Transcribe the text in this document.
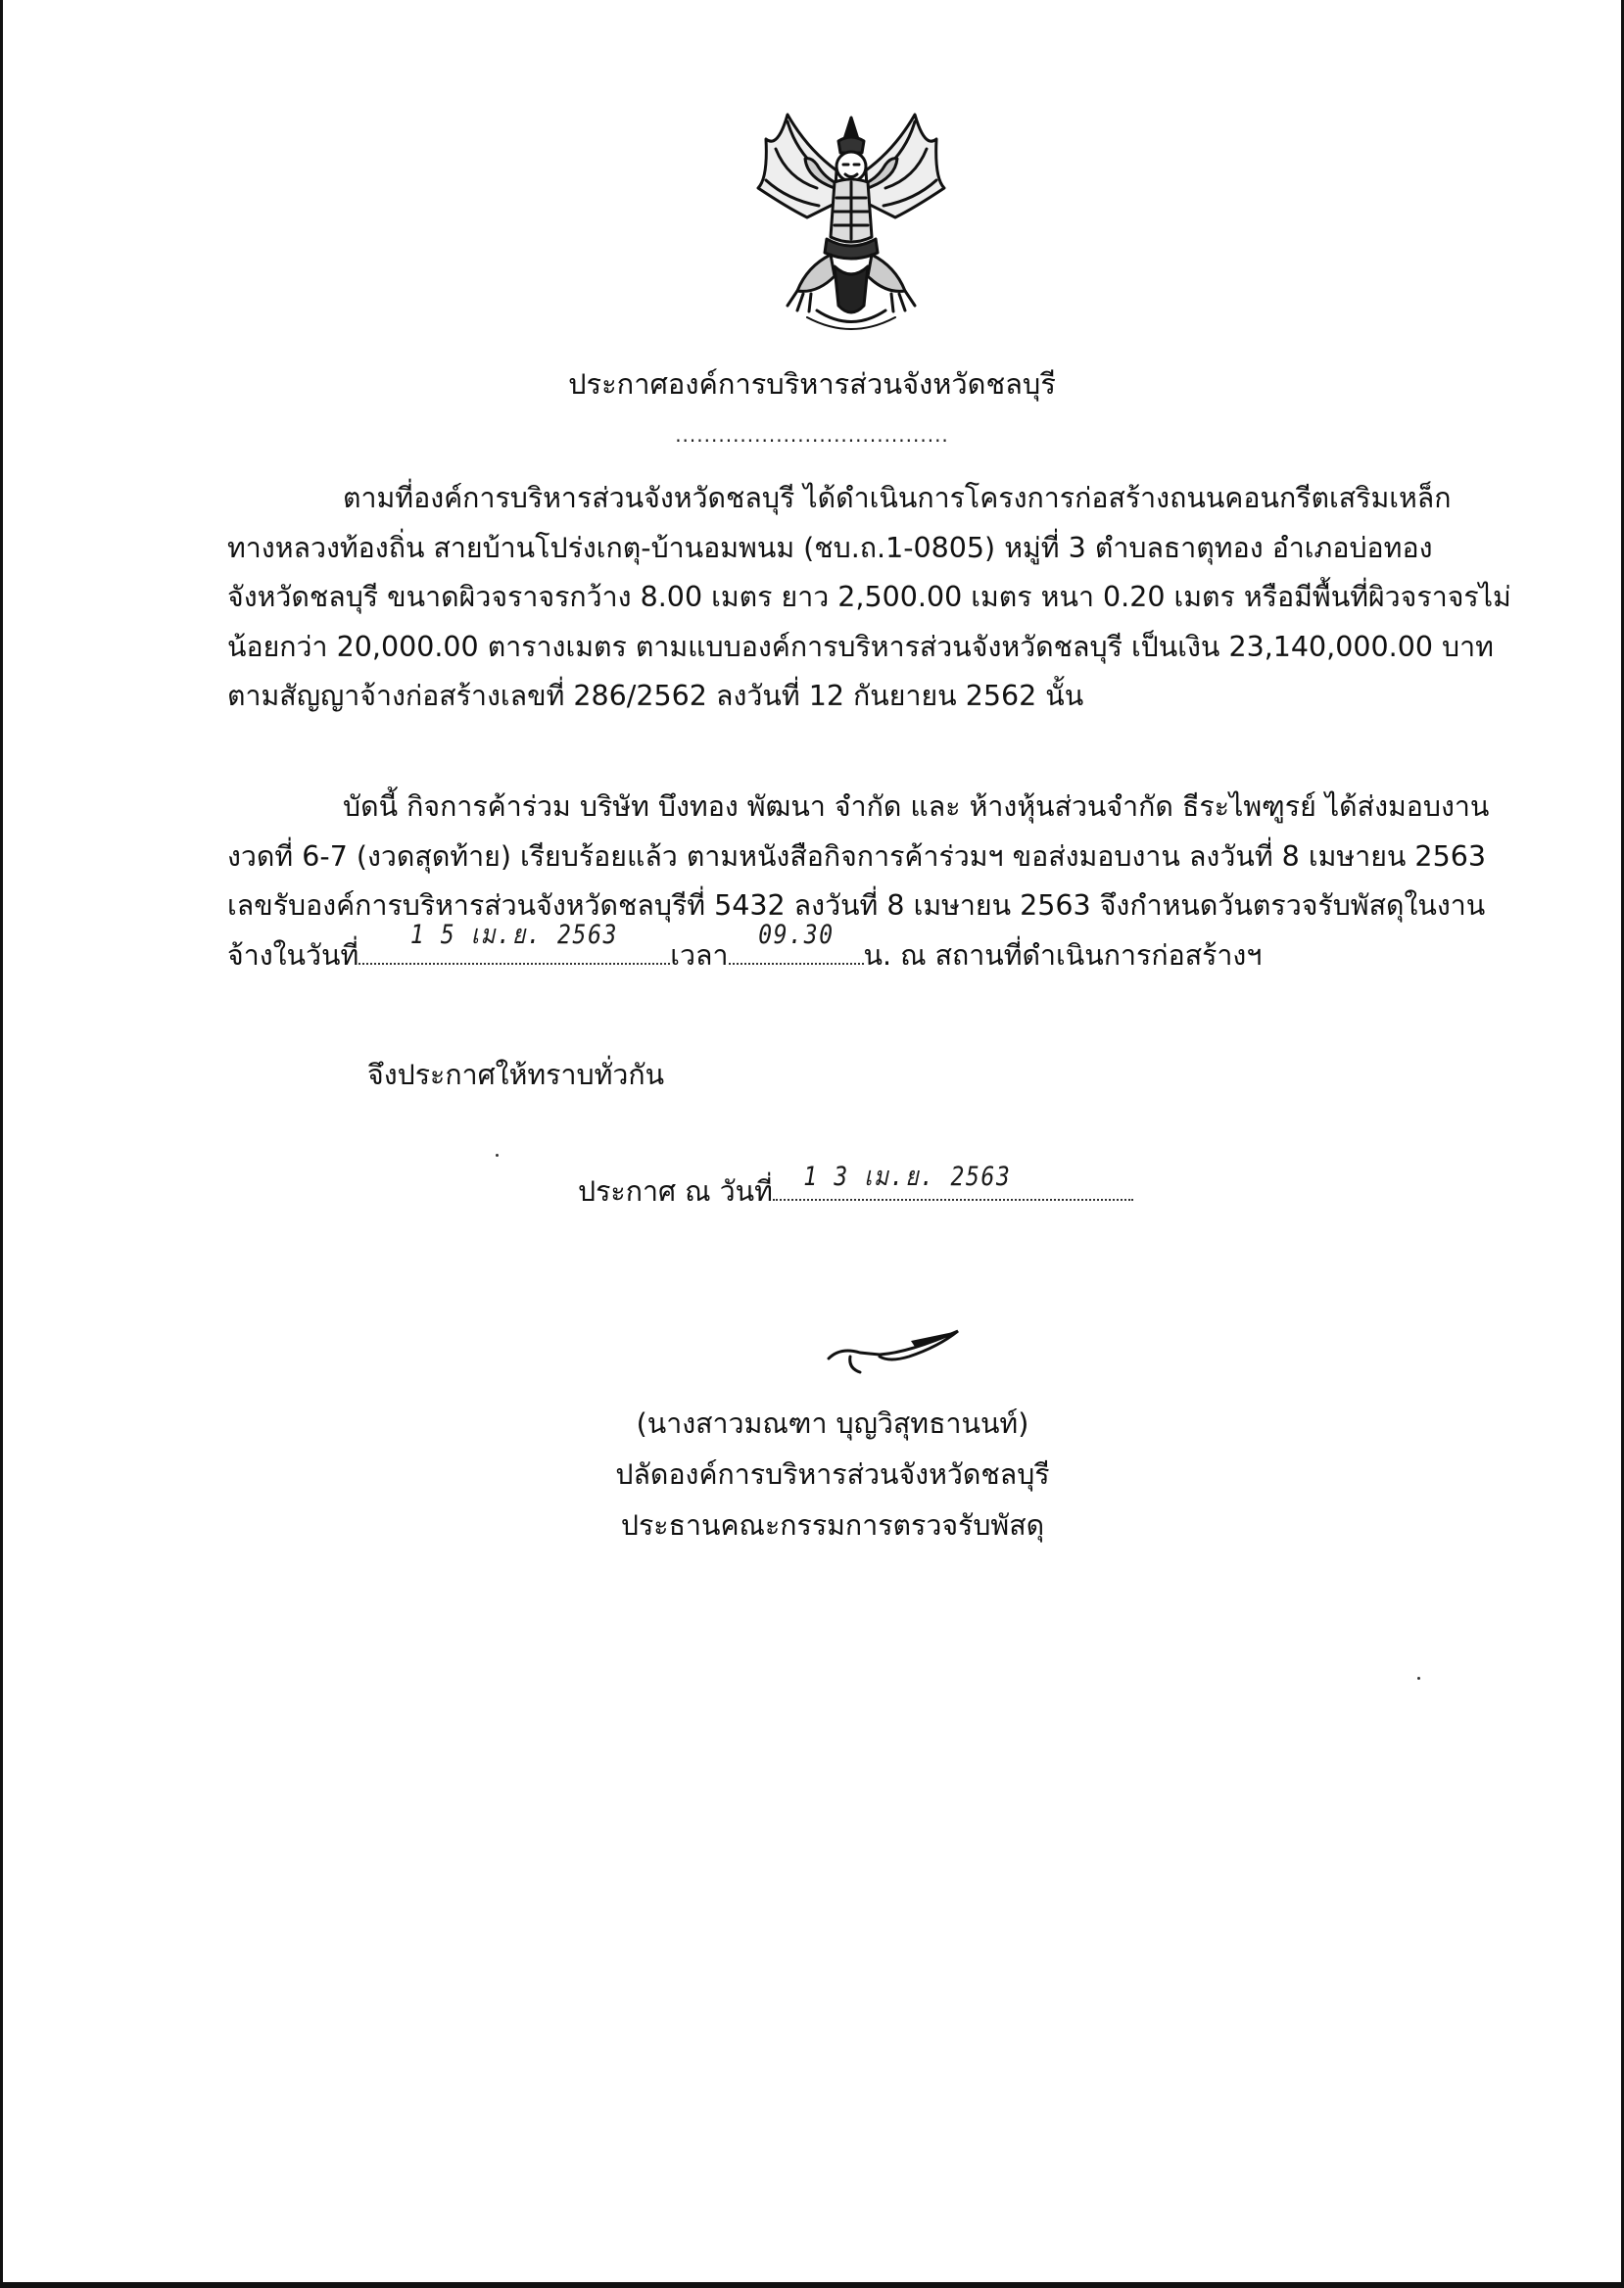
ประกาศองค์การบริหารส่วนจังหวัดชลบุรี
......................................
ตามที่องค์การบริหารส่วนจังหวัดชลบุรี ได้ดำเนินการโครงการก่อสร้างถนนคอนกรีตเสริมเหล็ก
ทางหลวงท้องถิ่น สายบ้านโปร่งเกตุ-บ้านอมพนม (ชบ.ถ.1-0805) หมู่ที่ 3 ตำบลธาตุทอง อำเภอบ่อทอง
จังหวัดชลบุรี ขนาดผิวจราจรกว้าง 8.00 เมตร ยาว 2,500.00 เมตร หนา 0.20 เมตร หรือมีพื้นที่ผิวจราจรไม่
น้อยกว่า 20,000.00 ตารางเมตร ตามแบบองค์การบริหารส่วนจังหวัดชลบุรี เป็นเงิน 23,140,000.00 บาท
ตามสัญญาจ้างก่อสร้างเลขที่ 286/2562 ลงวันที่ 12 กันยายน 2562 นั้น
บัดนี้ กิจการค้าร่วม บริษัท บึงทอง พัฒนา จำกัด และ ห้างหุ้นส่วนจำกัด ธีระไพฑูรย์ ได้ส่งมอบงาน
งวดที่ 6-7 (งวดสุดท้าย) เรียบร้อยแล้ว ตามหนังสือกิจการค้าร่วมฯ ขอส่งมอบงาน ลงวันที่ 8 เมษายน 2563
เลขรับองค์การบริหารส่วนจังหวัดชลบุรีที่ 5432 ลงวันที่ 8 เมษายน 2563 จึงกำหนดวันตรวจรับพัสดุในงาน
จ้างในวันที่
1 5 เม.ย. 2563
เวลา
09.30
น. ณ สถานที่ดำเนินการก่อสร้างฯ
จึงประกาศให้ทราบทั่วกัน
ประกาศ ณ วันที่ 1 3 เม.ย. 2563
(นางสาวมณฑา บุญวิสุทธานนท์)
ปลัดองค์การบริหารส่วนจังหวัดชลบุรี
ประธานคณะกรรมการตรวจรับพัสดุ
